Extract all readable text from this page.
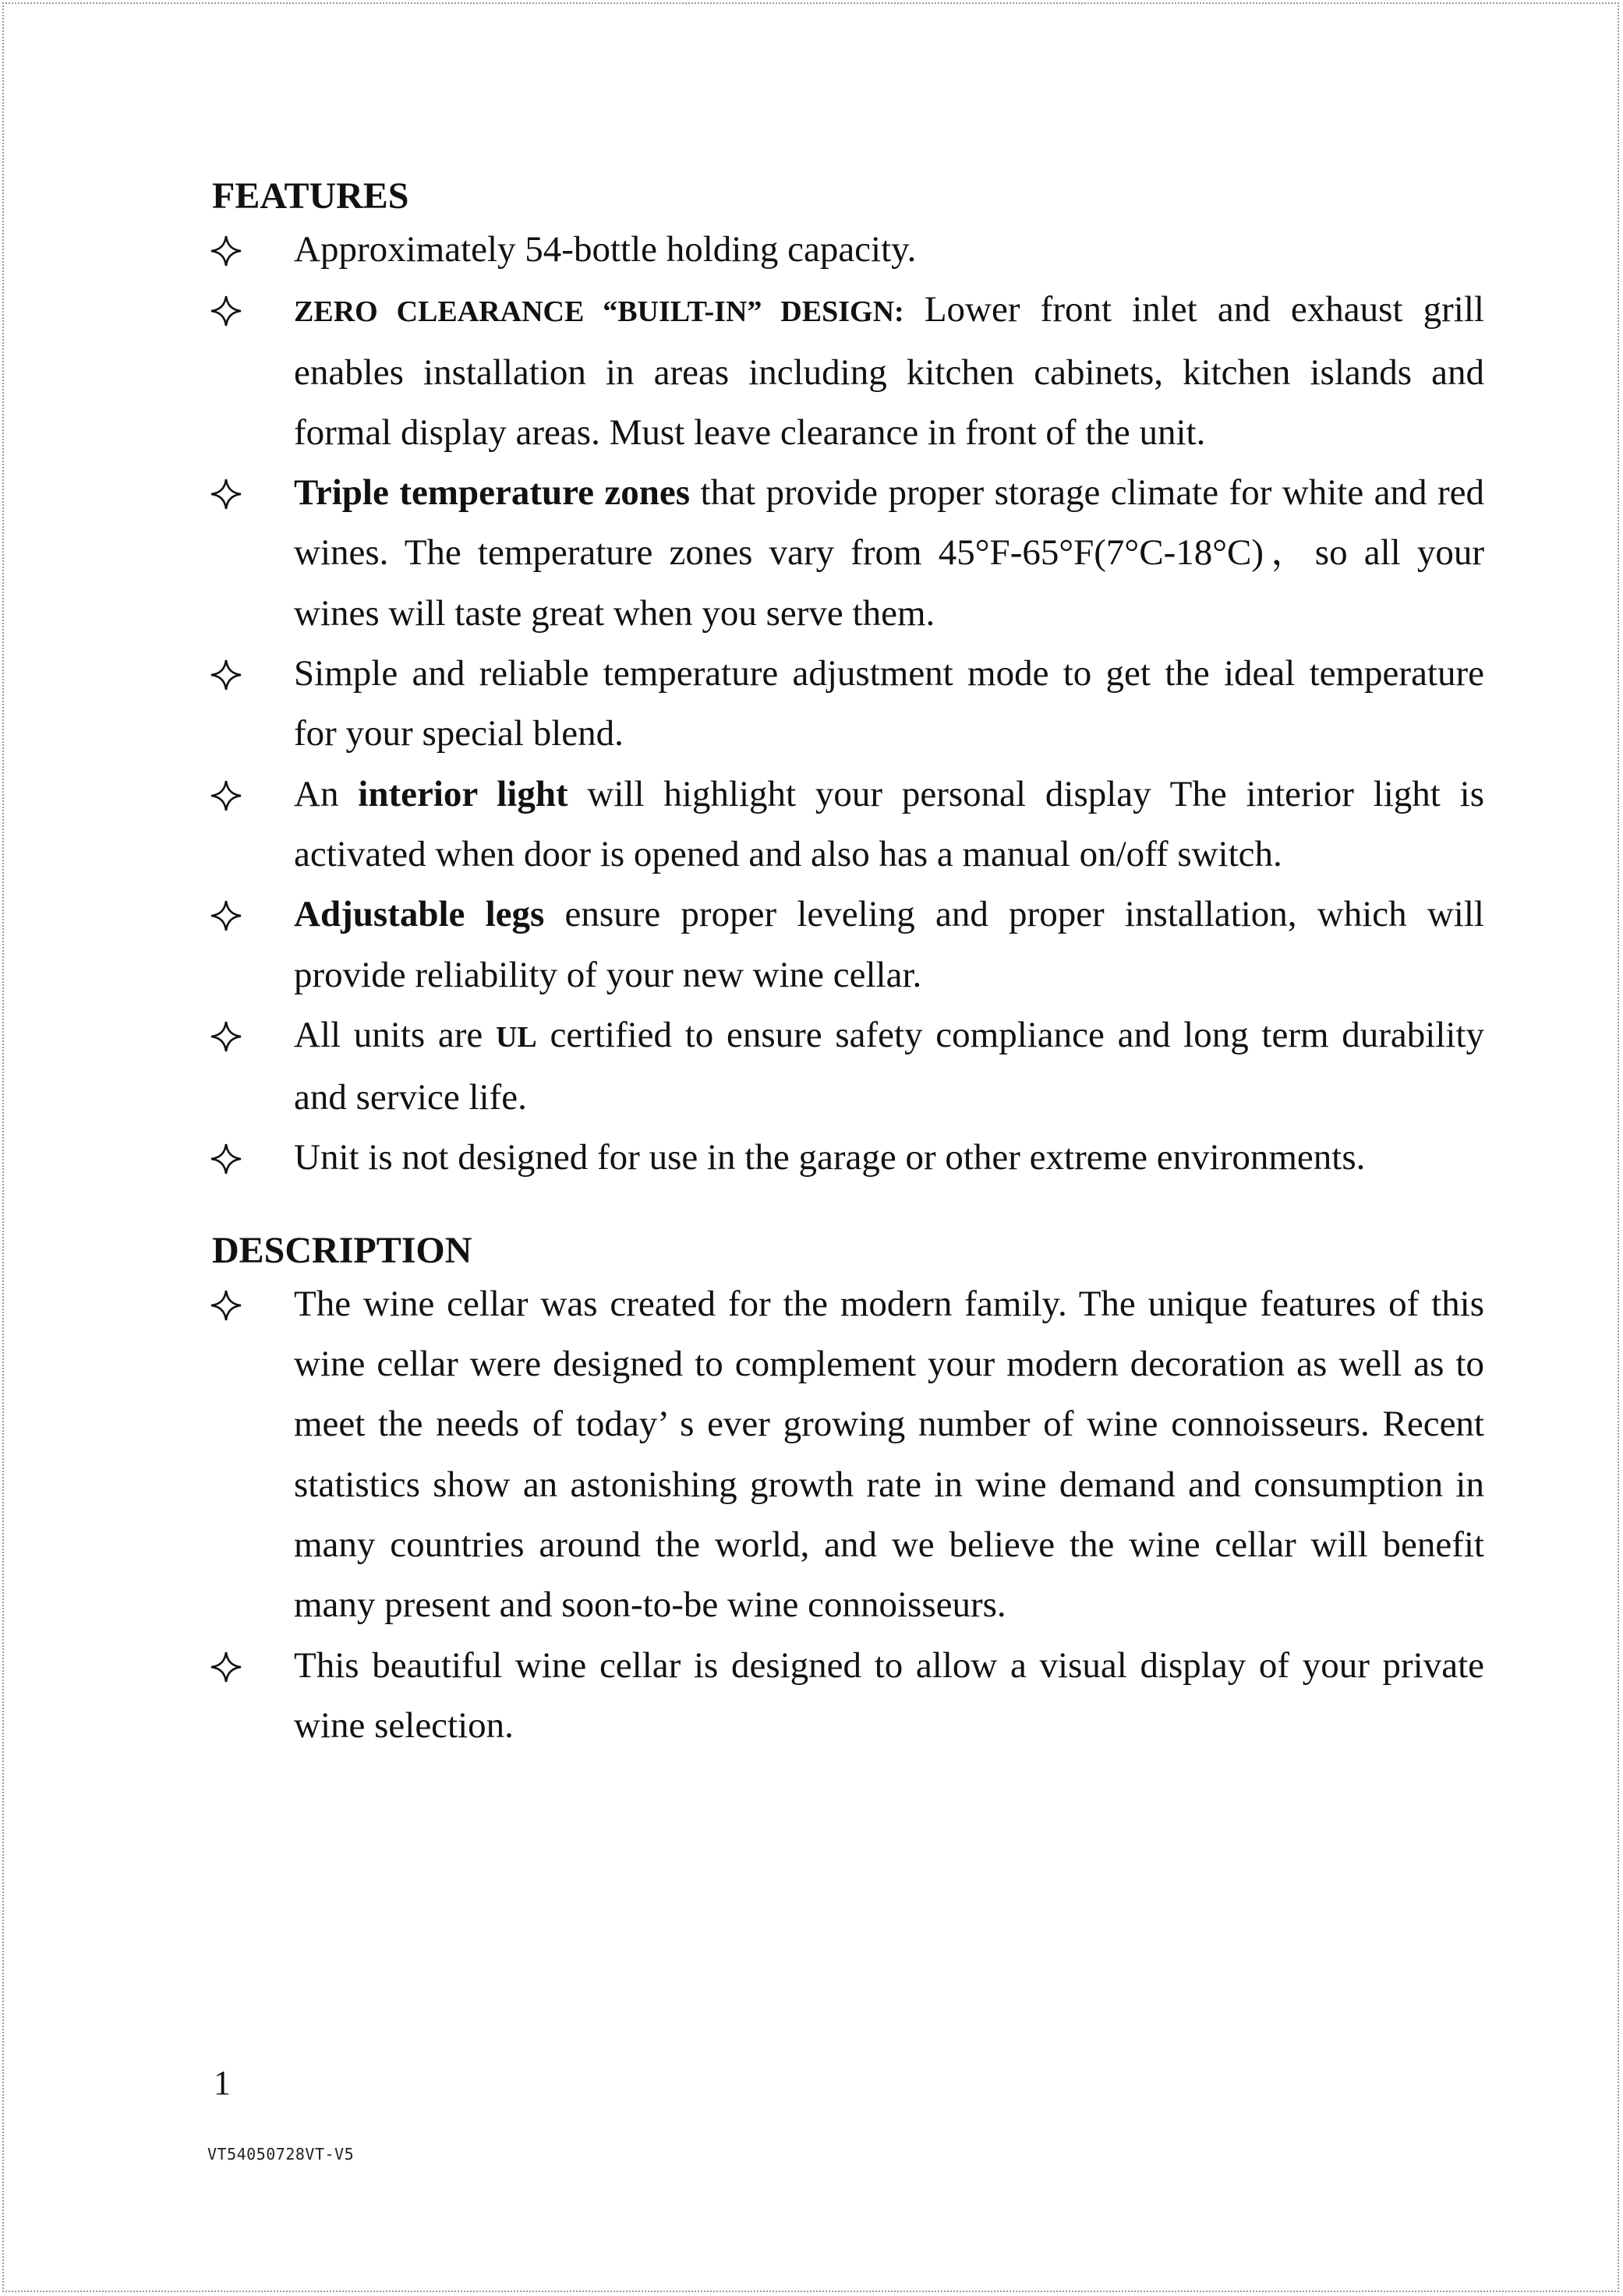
FEATURES
Approximately 54-bottle holding capacity.
ZERO CLEARANCE “BUILT-IN” DESIGN: Lower front inlet and exhaust grill enables installation in areas including kitchen cabinets, kitchen islands and formal display areas. Must leave clearance in front of the unit.
Triple temperature zones that provide proper storage climate for white and red wines. The temperature zones vary from 45°F-65°F(7°C-18°C)，so all your wines will taste great when you serve them.
Simple and reliable temperature adjustment mode to get the ideal temperature for your special blend.
An interior light will highlight your personal display The interior light is activated when door is opened and also has a manual on/off switch.
Adjustable legs ensure proper leveling and proper installation, which will provide reliability of your new wine cellar.
All units are UL certified to ensure safety compliance and long term durability and service life.
Unit is not designed for use in the garage or other extreme environments.
DESCRIPTION
The wine cellar was created for the modern family. The unique features of this wine cellar were designed to complement your modern decoration as well as to meet the needs of today’ s ever growing number of wine connoisseurs. Recent statistics show an astonishing growth rate in wine demand and consumption in many countries around the world, and we believe the wine cellar will benefit many present and soon-to-be wine connoisseurs.
This beautiful wine cellar is designed to allow a visual display of your private wine selection.
1
VT54050728VT-V5
